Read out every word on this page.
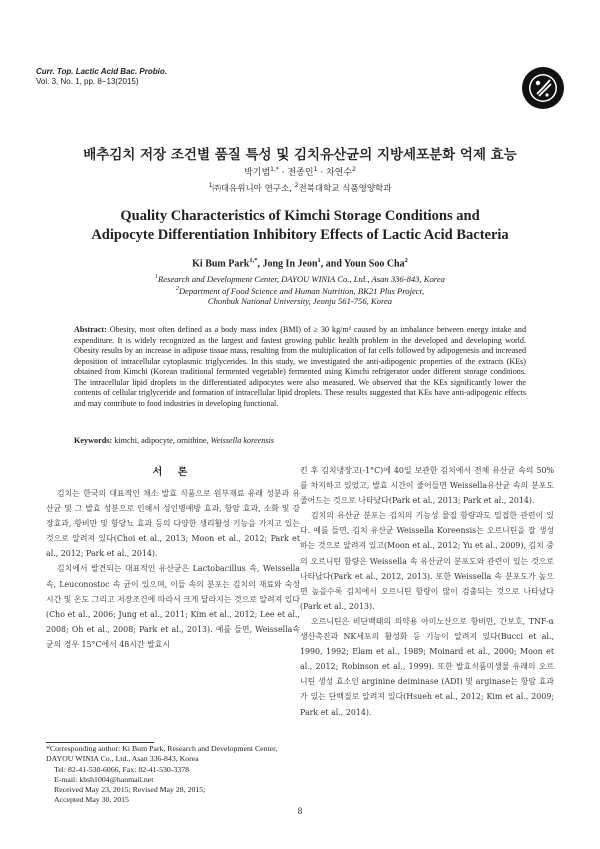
Curr. Top. Lactic Acid Bac. Probio.
Vol. 3, No. 1, pp. 8−13(2015)
배추김치 저장 조건별 품질 특성 및 김치유산균의 지방세포분화 억제 효능
박기범$^{1,*}$ · 전종인$^1$ · 차연수$^2$
$^1$㈜대유위니아 연구소, $^2$전북대학교 식품영양학과
Quality Characteristics of Kimchi Storage Conditions and
Adipocyte Differentiation Inhibitory Effects of Lactic Acid Bacteria
Ki Bum Park$^{1,*}$, Jong In Jeon$^1$, and Youn Soo Cha$^2$
$^1$Research and Development Center, DAYOU WINIA Co., Ltd., Asan 336-843, Korea
$^2$Department of Food Science and Human Nutrition, BK21 Plus Project,
Chonbuk National University, Jeonju 561-756, Korea
Abstract: Obesity, most often defined as a body mass index (BMI) of ≥ 30 kg/m² caused by an imbalance between energy intake and expenditure. It is widely recognized as the largest and fastest growing public health problem in the developed and developing world. Obesity results by an increase in adipose tissue mass, resulting from the multiplication of fat cells followed by adipogenesis and increased deposition of intracellular cytoplasmic triglycerides. In this study, we investigated the anti-adipogenic properties of the extracts (KEs) obtained from Kimchi (Korean traditional fermented vegetable) fermented using Kimchi refrigerator under different storage conditions. The intracellular lipid droplets in the differentiated adipocytes were also measured. We observed that the KEs significantly lower the contents of cellular triglyceride and formation of intracellular lipid droplets. These results suggested that KEs have anti-adipogenic effects and may contribute to food industries in developing functional.
Keywords: kimchi, adipocyte, ornithine, Weissella koreensis
서 론

김치는 한국의 대표적인 채소 발효 식품으로 원부재료 유래 성분과 유산균 및 그 발효 성분으로 인해서 성인병예방 효과, 항암 효과, 소화 및 강장효과, 항비만 및 항당뇨 효과 등의 다양한 생리활성 기능을 가지고 있는 것으로 알려져 있다(Choi et al., 2013; Moon et al., 2012; Park et al., 2012; Park et al., 2014).

김치에서 발견되는 대표적인 유산균은 Lactobacillus 속, Weissella 속, Leuconostoc 속 균이 있으며, 이들 속의 분포는 김치의 재료와 숙성 시간 및 온도 그리고 저장조건에 따라서 크게 달라지는 것으로 알려져 있다(Cho et al., 2006; Jung et al., 2011; Kim et al., 2012; Lee et al., 2008; Oh et al., 2008; Park et al., 2013). 예를 들면, Weissella속 균의 경우 15°C에서 48시간 발효시

킨 후 김치냉장고(-1°C)에 40일 보관한 김치에서 전체 유산균 속의 50%를 차지하고 있었고, 발효 시간이 줄어들면 Weissella유산균 속의 분포도 줄어드는 것으로 나타났다(Park et al., 2013; Park et al., 2014).

김치의 유산균 분포는 김치의 기능성 물질 함량과도 밀접한 관련이 있다. 예를 들면, 김치 유산균 Weissella Koreensis는 오르니틴을 잘 생성하는 것으로 알려져 있고(Moon et al., 2012; Yu et al., 2009), 김치 중의 오르니틴 함량은 Weissella 속 유산균의 분포도와 관련이 있는 것으로 나타났다(Park et al., 2012, 2013). 또한 Weissella 속 분포도가 높으면 높을수록 김치에서 오르니틴 함량이 많이 검출되는 것으로 나타났다(Park et al., 2013).

오르니틴은 비단백태의 의약용 아미노산으로 항비만, 간보호, TNF-α 생산촉진과 NK세포의 활성화 등 기능이 알려져 있다(Bucci et al., 1990, 1992; Elam et al., 1989; Moinard et al., 2000; Moon et al., 2012; Robinson et al., 1999). 또한 발효식품미생물 유래의 오르니틴 생성 효소인 arginine deiminase (ADI) 및 arginase는 항암 효과가 있는 단백질로 알려져 있다(Hsueh et al., 2012; Kim et al., 2009; Park et al., 2014).

*Corresponding author: Ki Bum Park, Research and Development Center, DAYOU WINIA Co., Ltd., Asan 336-843, Korea
Tel: 82-41-530-6066, Fax: 82-41-530-3378
E-mail: kbsh1004@hanmail.net
Received May 23, 2015; Revised May 28, 2015;
Accepted May 30, 2015
8
